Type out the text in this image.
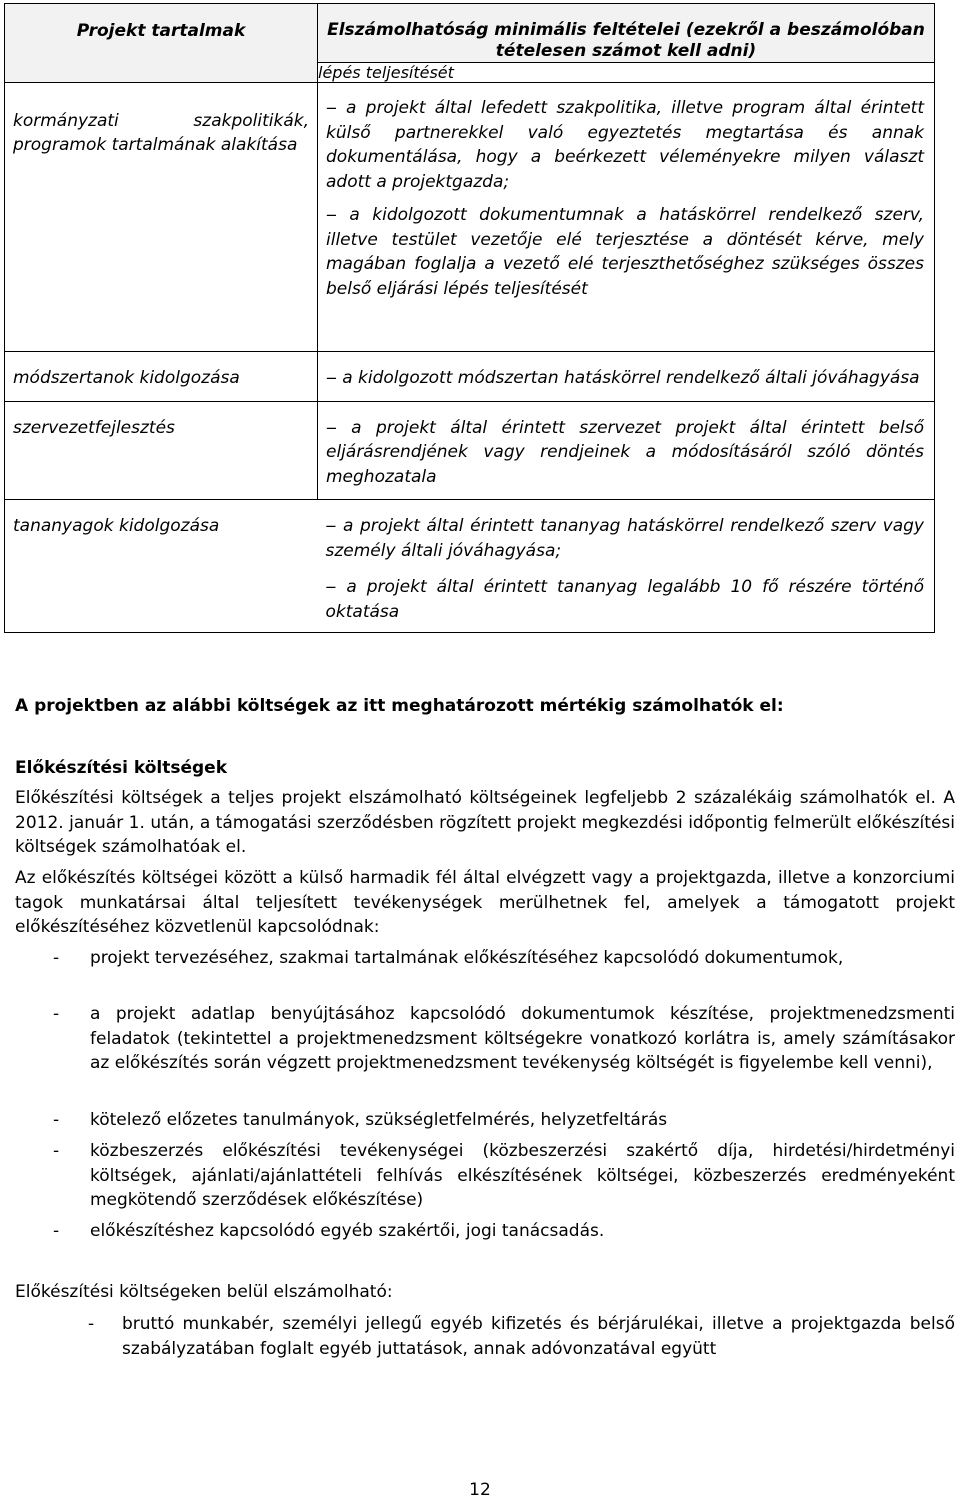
Projekt tartalmak	Elszámolhatóság minimális feltételei (ezekről a beszámolóban tételesen számot kell adni)
	lépés teljesítését

kormányzati szakpolitikák, programok tartalmának alakítása	‒ a projekt által lefedett szakpolitika, illetve program által érintett külső partnerekkel való egyeztetés megtartása és annak dokumentálása, hogy a beérkezett véleményekre milyen választ adott a projektgazda;
‒ a kidolgozott dokumentumnak a hatáskörrel rendelkező szerv, illetve testület vezetője elé terjesztése a döntését kérve, mely magában foglalja a vezető elé terjeszthetőséghez szükséges összes belső eljárási lépés teljesítését

módszertanok kidolgozása	‒ a kidolgozott módszertan hatáskörrel rendelkező általi jóváhagyása

szervezetfejlesztés	‒ a projekt által érintett szervezet projekt által érintett belső eljárásrendjének vagy rendjeinek a módosításáról szóló döntés meghozatala

tananyagok kidolgozása	‒ a projekt által érintett tananyag hatáskörrel rendelkező szerv vagy személy általi jóváhagyása;
‒ a projekt által érintett tananyag legalább 10 fő részére történő oktatása
A projektben az alábbi költségek az itt meghatározott mértékig számolhatók el:
Előkészítési költségek
Előkészítési költségek a teljes projekt elszámolható költségeinek legfeljebb 2 százalékáig számolhatók el. A 2012. január 1. után, a támogatási szerződésben rögzített projekt megkezdési időpontig felmerült előkészítési költségek számolhatóak el.
Az előkészítés költségei között a külső harmadik fél által elvégzett vagy a projektgazda, illetve a konzorciumi tagok munkatársai által teljesített tevékenységek merülhetnek fel, amelyek a támogatott projekt előkészítéséhez közvetlenül kapcsolódnak:
- projekt tervezéséhez, szakmai tartalmának előkészítéséhez kapcsolódó dokumentumok,
- a projekt adatlap benyújtásához kapcsolódó dokumentumok készítése, projektmenedzsmenti feladatok (tekintettel a projektmenedzsment költségekre vonatkozó korlátra is, amely számításakor az előkészítés során végzett projektmenedzsment tevékenység költségét is figyelembe kell venni),
- kötelező előzetes tanulmányok, szükségletfelmérés, helyzetfeltárás
- közbeszerzés előkészítési tevékenységei (közbeszerzési szakértő díja, hirdetési/hirdetményi költségek, ajánlati/ajánlattételi felhívás elkészítésének költségei, közbeszerzés eredményeként megkötendő szerződések előkészítése)
- előkészítéshez kapcsolódó egyéb szakértői, jogi tanácsadás.
Előkészítési költségeken belül elszámolható:
- bruttó munkabér, személyi jellegű egyéb kifizetés és bérjárulékai, illetve a projektgazda belső szabályzatában foglalt egyéb juttatások, annak adóvonzatával együtt
12
